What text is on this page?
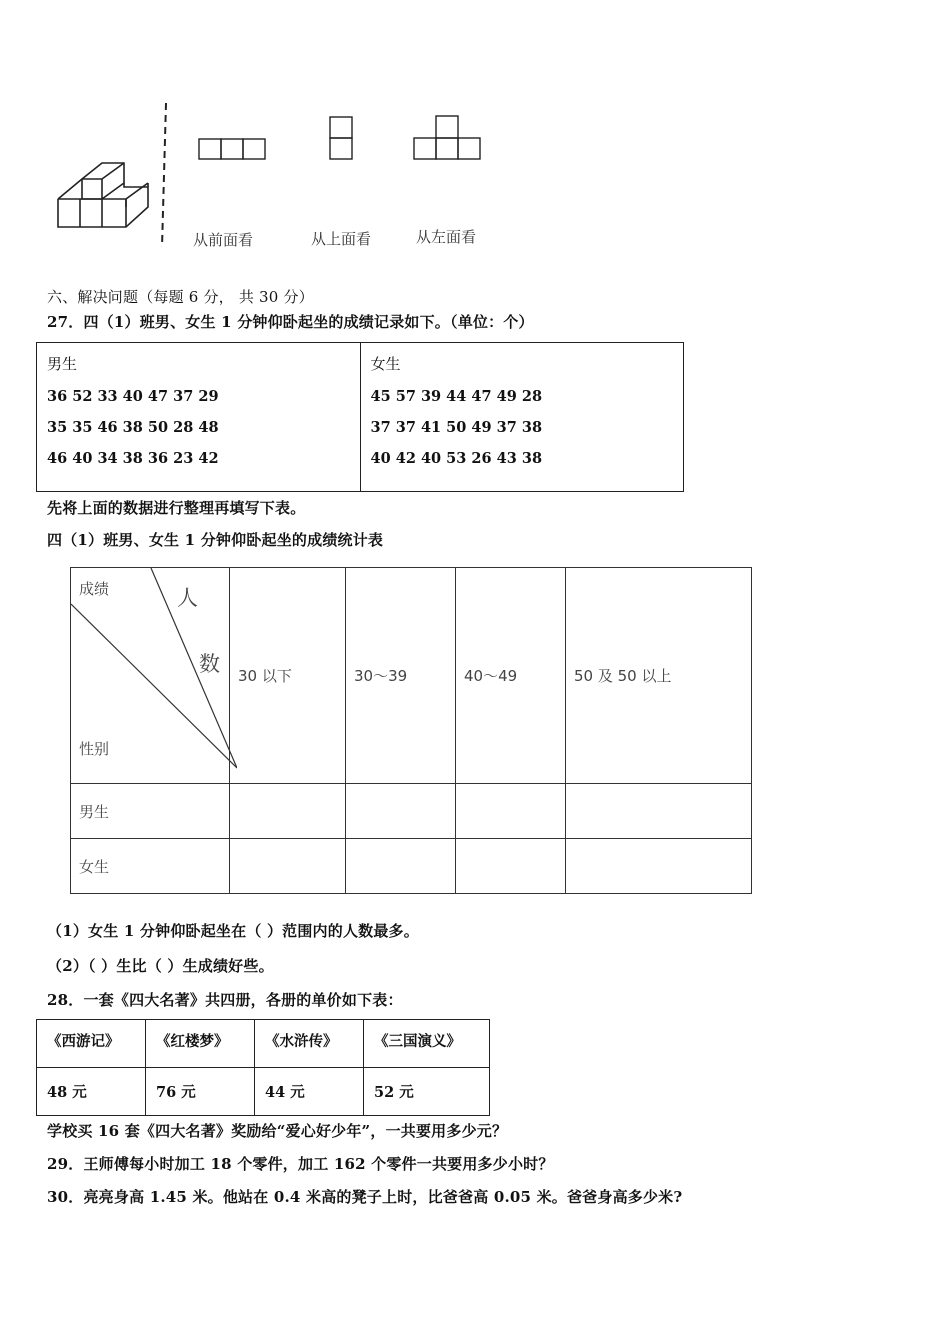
从前面看	从上面看	从左面看
六、解决问题（每题 6 分， 共 30 分）
27．四（1）班男、女生 1 分钟仰卧起坐的成绩记录如下。（单位：个）
男生
36 52 33 40 47 37 29
35 35 46 38 50 28 48
46 40 34 38 36 23 42

女生
45 57 39 44 47 49 28
37 37 41 50 49 37 38
40 42 40 53 26 43 38
先将上面的数据进行整理再填写下表。
四（1）班男、女生 1 分钟仰卧起坐的成绩统计表
成绩 人
数
性别	30 以下	30～39	40～49	50 及 50 以上
男生				
女生				
（1）女生 1 分钟仰卧起坐在（ ）范围内的人数最多。
（2）（ ）生比（ ）生成绩好些。
28．一套《四大名著》共四册，各册的单价如下表：
《西游记》	《红楼梦》	《水浒传》	《三国演义》
48 元	76 元	44 元	52 元
学校买 16 套《四大名著》奖励给“爱心好少年”，一共要用多少元？
29．王师傅每小时加工 18 个零件，加工 162 个零件一共要用多少小时？
30．亮亮身高 1.45 米。他站在 0.4 米高的凳子上时，比爸爸高 0.05 米。爸爸身高多少米?
